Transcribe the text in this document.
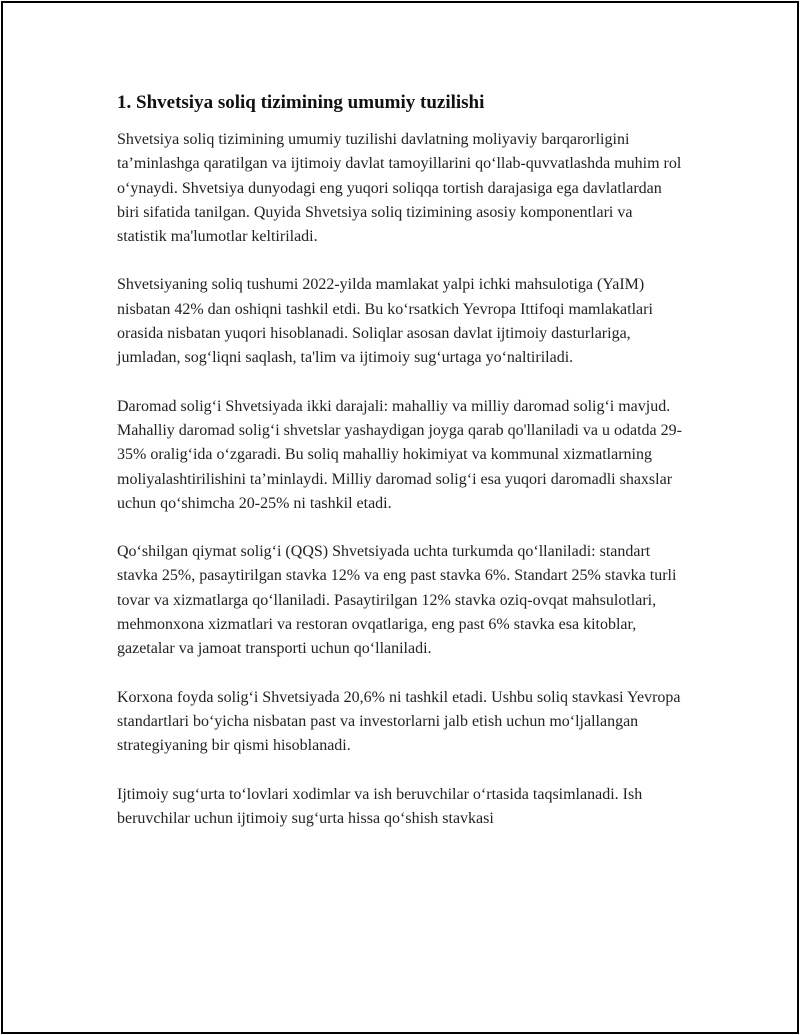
1. Shvetsiya soliq tizimining umumiy tuzilishi

Shvetsiya soliq tizimining umumiy tuzilishi davlatning moliyaviy barqarorligini ta’minlashga qaratilgan va ijtimoiy davlat tamoyillarini qo‘llab-quvvatlashda muhim rol o‘ynaydi. Shvetsiya dunyodagi eng yuqori soliqqa tortish darajasiga ega davlatlardan biri sifatida tanilgan. Quyida Shvetsiya soliq tizimining asosiy komponentlari va statistik ma'lumotlar keltiriladi.

Shvetsiyaning soliq tushumi 2022-yilda mamlakat yalpi ichki mahsulotiga (YaIM) nisbatan 42% dan oshiqni tashkil etdi. Bu ko‘rsatkich Yevropa Ittifoqi mamlakatlari orasida nisbatan yuqori hisoblanadi. Soliqlar asosan davlat ijtimoiy dasturlariga, jumladan, sog‘liqni saqlash, ta'lim va ijtimoiy sug‘urtaga yo‘naltiriladi.

Daromad solig‘i Shvetsiyada ikki darajali: mahalliy va milliy daromad solig‘i mavjud. Mahalliy daromad solig‘i shvetslar yashaydigan joyga qarab qo'llaniladi va u odatda 29-35% oralig‘ida o‘zgaradi. Bu soliq mahalliy hokimiyat va kommunal xizmatlarning moliyalashtirilishini ta’minlaydi. Milliy daromad solig‘i esa yuqori daromadli shaxslar uchun qo‘shimcha 20-25% ni tashkil etadi.

Qo‘shilgan qiymat solig‘i (QQS) Shvetsiyada uchta turkumda qo‘llaniladi: standart stavka 25%, pasaytirilgan stavka 12% va eng past stavka 6%. Standart 25% stavka turli tovar va xizmatlarga qo‘llaniladi. Pasaytirilgan 12% stavka oziq-ovqat mahsulotlari, mehmonxona xizmatlari va restoran ovqatlariga, eng past 6% stavka esa kitoblar, gazetalar va jamoat transporti uchun qo‘llaniladi.

Korxona foyda solig‘i Shvetsiyada 20,6% ni tashkil etadi. Ushbu soliq stavkasi Yevropa standartlari bo‘yicha nisbatan past va investorlarni jalb etish uchun mo‘ljallangan strategiyaning bir qismi hisoblanadi.

Ijtimoiy sug‘urta to‘lovlari xodimlar va ish beruvchilar o‘rtasida taqsimlanadi. Ish beruvchilar uchun ijtimoiy sug‘urta hissa qo‘shish stavkasi
